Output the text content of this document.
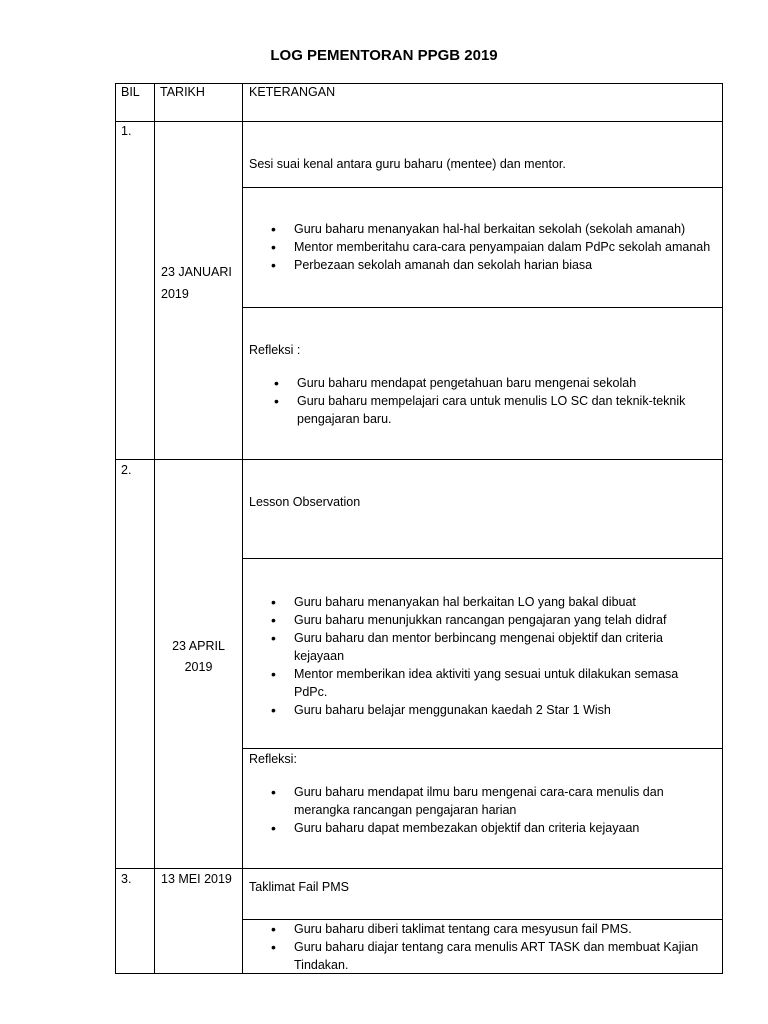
LOG PEMENTORAN PPGB 2019
BIL TARIKH	KETERANGAN
1.
23 JANUARI
2019
Sesi suai kenal antara guru baharu (mentee) dan mentor.
• Guru baharu menanyakan hal-hal berkaitan sekolah (sekolah amanah)
• Mentor memberitahu cara-cara penyampaian dalam PdPc sekolah amanah
• Perbezaan sekolah amanah dan sekolah harian biasa
Refleksi :
• Guru baharu mendapat pengetahuan baru mengenai sekolah
• Guru baharu mempelajari cara untuk menulis LO SC dan teknik-teknik
pengajaran baru.
2.
23 APRIL
2019
Lesson Observation
• Guru baharu menanyakan hal berkaitan LO yang bakal dibuat
• Guru baharu menunjukkan rancangan pengajaran yang telah didraf
• Guru baharu dan mentor berbincang mengenai objektif dan criteria
kejayaan
• Mentor memberikan idea aktiviti yang sesuai untuk dilakukan semasa
PdPc.
• Guru baharu belajar menggunakan kaedah 2 Star 1 Wish
Refleksi:
• Guru baharu mendapat ilmu baru mengenai cara-cara menulis dan
merangka rancangan pengajaran harian
• Guru baharu dapat membezakan objektif dan criteria kejayaan
3. 13 MEI 2019
Taklimat Fail PMS
• Guru baharu diberi taklimat tentang cara mesyusun fail PMS.
• Guru baharu diajar tentang cara menulis ART TASK dan membuat Kajian
Tindakan.
